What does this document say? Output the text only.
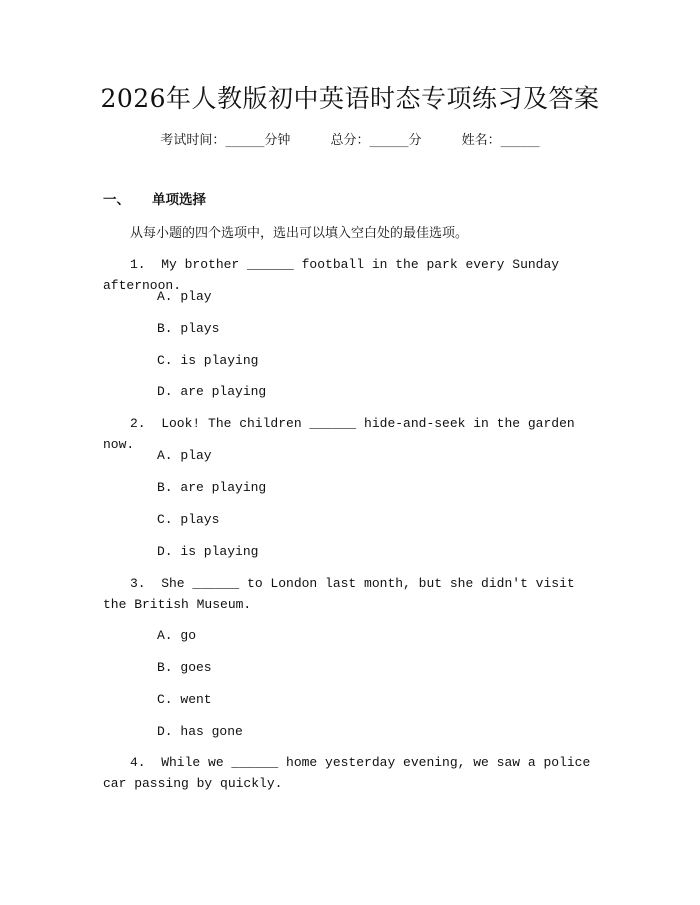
2026年人教版初中英语时态专项练习及答案
考试时间：______分钟	总分：______分	姓名：______
一、 单项选择
从每小题的四个选项中，选出可以填入空白处的最佳选项。
1.  My brother ______ football in the park every Sunday afternoon.
A. play
B. plays
C. is playing
D. are playing
2.  Look! The children ______ hide-and-seek in the garden now.
A. play
B. are playing
C. plays
D. is playing
3.  She ______ to London last month, but she didn't visit the British Museum.
A. go
B. goes
C. went
D. has gone
4.  While we ______ home yesterday evening, we saw a police car passing by quickly.
